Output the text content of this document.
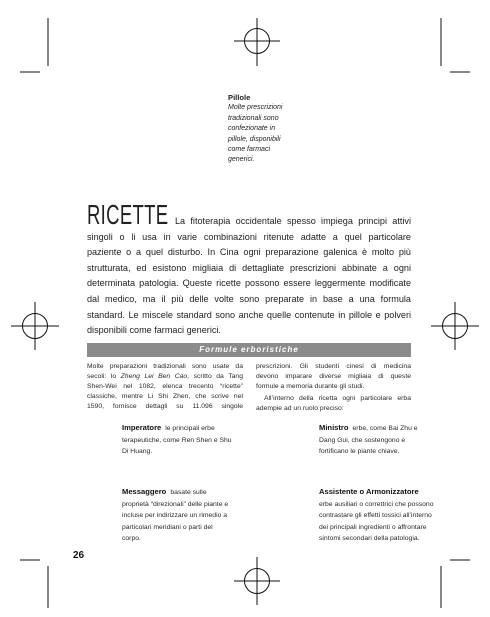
Pillole
Molte prescrizioni
tradizionali sono
confezionate in
pillole, disponibili
come farmaci
generici.
RICETTE La fitoterapia occidentale spesso impiega principi attivi
singoli o li usa in varie combinazioni ritenute adatte a quel particolare
paziente o a quel disturbo. In Cina ogni preparazione galenica è molto più
strutturata, ed esistono migliaia di dettagliate prescrizioni abbinate a ogni
determinata patologia. Queste ricette possono essere leggermente modificate
dal medico, ma il più delle volte sono preparate in base a una formula
standard. Le miscele standard sono anche quelle contenute in pillole e polveri
disponibili come farmaci generici.
Formule erboristiche
Molte preparazioni tradizionali sono usate da
secoli: lo Zheng Lei Ben Cao, scritto da Tang
Shen-Wei nel 1082, elenca trecento “ricette”
classiche, mentre Li Shi Zhen, che scrive nel
1590, fornisce dettagli su 11.096 singole
prescrizioni. Gli studenti cinesi di medicina
devono imparare diverse migliaia di queste
formule a memoria durante gli studi.
All’interno della ricetta ogni particolare erba
adempie ad un ruolo preciso:
Imperatore le principali erbe
terapeutiche, come Ren Shen e Shu
Di Huang.
Ministro erbe, come Bai Zhu e
Dang Gui, che sostengono e
fortificano le piante chiave.
Messaggero basate sulle
proprietà “direzionali” delle piante e
incluse per indirizzare un rimedio a
particolari meridiani o parti del
corpo.
Assistente o Armonizzatore
erbe ausiliari o correttrici che possono
contrastare gli effetti tossici all’interno
dei principali ingredienti o affrontare
sintomi secondari della patologia.
26
